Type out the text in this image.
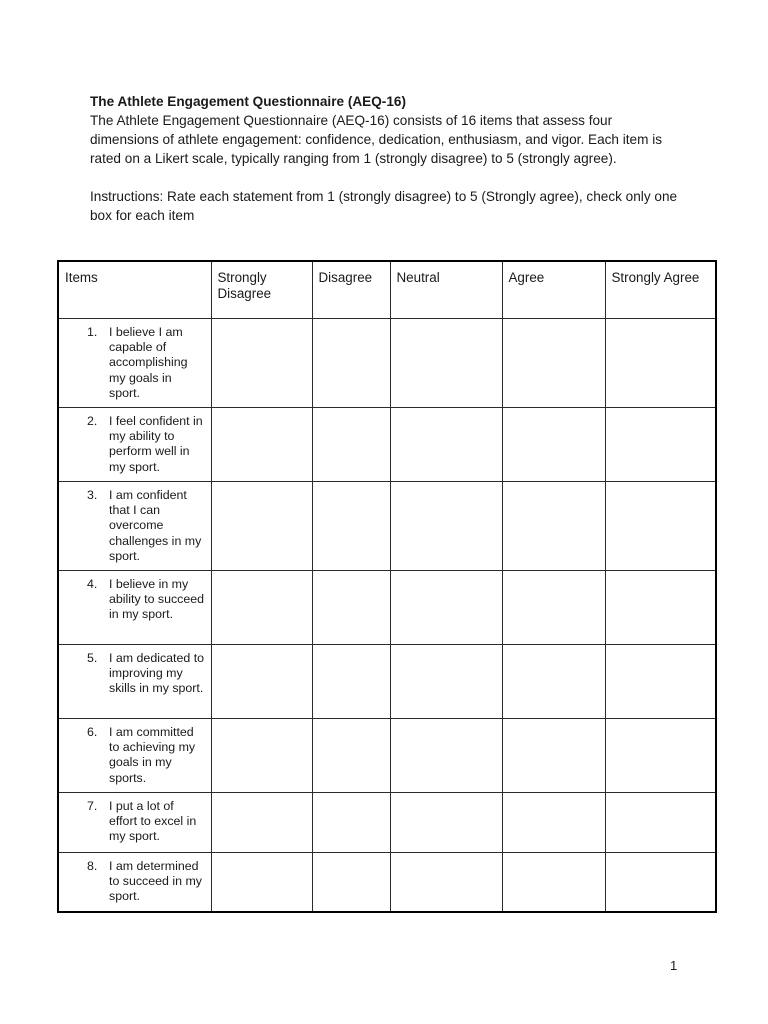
The Athlete Engagement Questionnaire (AEQ-16)

The Athlete Engagement Questionnaire (AEQ-16) consists of 16 items that assess four dimensions of athlete engagement: confidence, dedication, enthusiasm, and vigor. Each item is rated on a Likert scale, typically ranging from 1 (strongly disagree) to 5 (strongly agree).

Instructions: Rate each statement from 1 (strongly disagree) to 5 (Strongly agree), check only one box for each item

Items	Strongly Disagree	Disagree	Neutral	Agree	Strongly Agree

1. I believe I am capable of accomplishing my goals in sport.					

2. I feel confident in my ability to perform well in my sport.					

3. I am confident that I can overcome challenges in my sport.					

4. I believe in my ability to succeed in my sport.					

5. I am dedicated to improving my skills in my sport.					

6. I am committed to achieving my goals in my sports.					

7. I put a lot of effort to excel in my sport.					

8. I am determined to succeed in my sport.					

1
